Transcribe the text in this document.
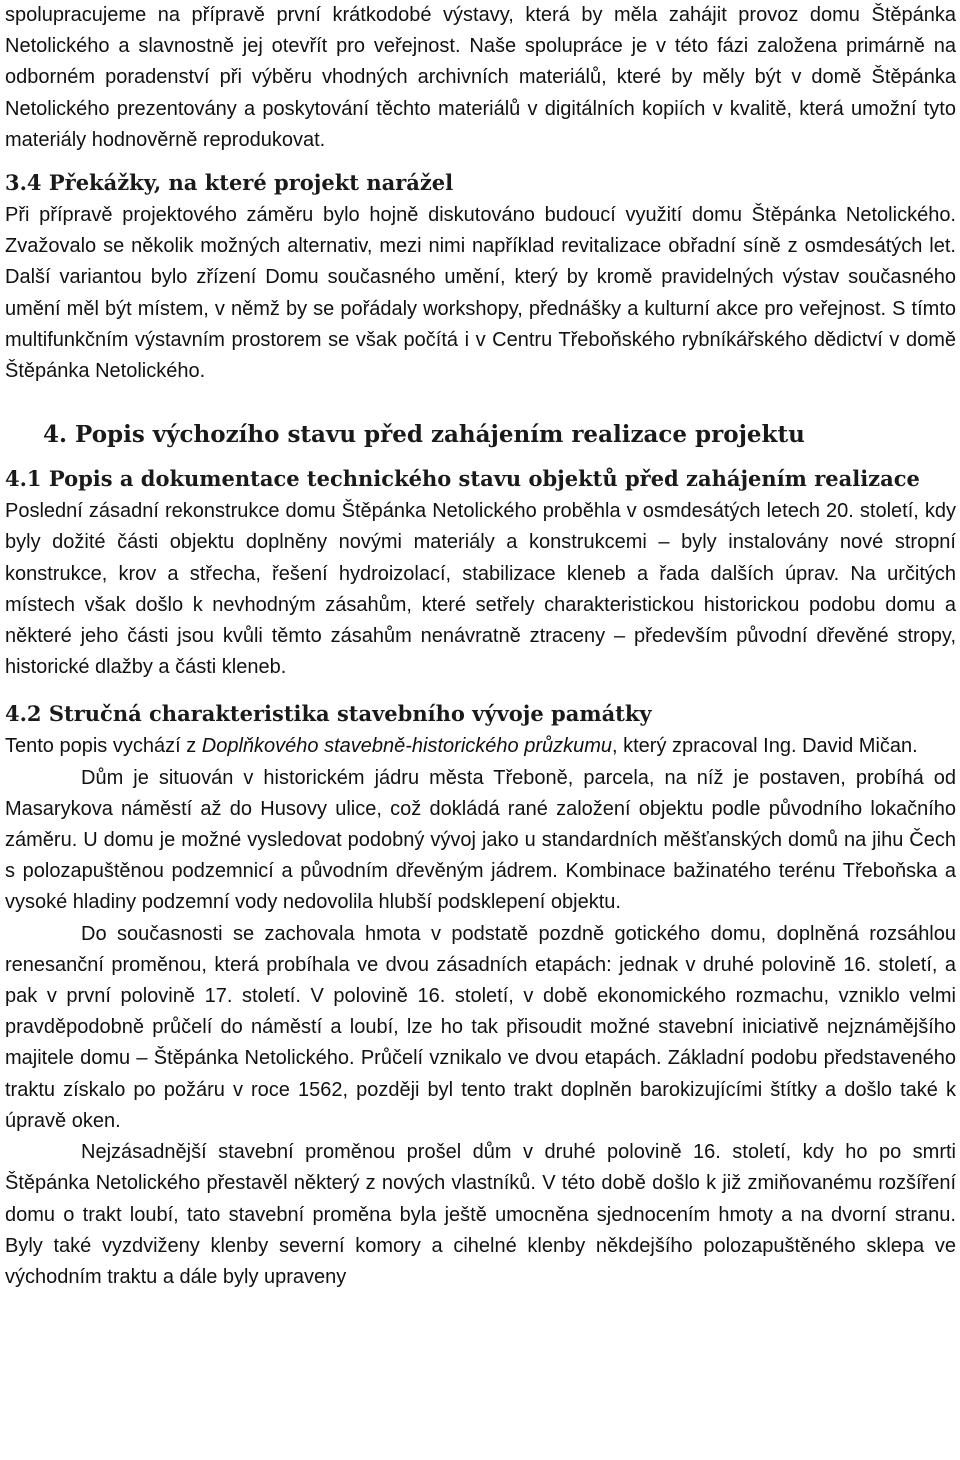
spolupracujeme na přípravě první krátkodobé výstavy, která by měla zahájit provoz domu Štěpánka Netolického a slavnostně jej otevřít pro veřejnost. Naše spolupráce je v této fázi založena primárně na odborném poradenství při výběru vhodných archivních materiálů, které by měly být v domě Štěpánka Netolického prezentovány a poskytování těchto materiálů v digitálních kopiích v kvalitě, která umožní tyto materiály hodnověrně reprodukovat.

3.4 Překážky, na které projekt narážel

Při přípravě projektového záměru bylo hojně diskutováno budoucí využití domu Štěpánka Netolického. Zvažovalo se několik možných alternativ, mezi nimi například revitalizace obřadní síně z osmdesátých let. Další variantou bylo zřízení Domu současného umění, který by kromě pravidelných výstav současného umění měl být místem, v němž by se pořádaly workshopy, přednášky a kulturní akce pro veřejnost. S tímto multifunkčním výstavním prostorem se však počítá i v Centru Třeboňského rybníkářského dědictví v domě Štěpánka Netolického.

4. Popis výchozího stavu před zahájením realizace projektu
4.1 Popis a dokumentace technického stavu objektů před zahájením realizace

Poslední zásadní rekonstrukce domu Štěpánka Netolického proběhla v osmdesátých letech 20. století, kdy byly dožité části objektu doplněny novými materiály a konstrukcemi – byly instalovány nové stropní konstrukce, krov a střecha, řešení hydroizolací, stabilizace kleneb a řada dalších úprav. Na určitých místech však došlo k nevhodným zásahům, které setřely charakteristickou historickou podobu domu a některé jeho části jsou kvůli těmto zásahům nenávratně ztraceny – především původní dřevěné stropy, historické dlažby a části kleneb.

4.2 Stručná charakteristika stavebního vývoje památky

Tento popis vychází z Doplňkového stavebně-historického průzkumu, který zpracoval Ing. David Mičan.

Dům je situován v historickém jádru města Třeboně, parcela, na níž je postaven, probíhá od Masarykova náměstí až do Husovy ulice, což dokládá rané založení objektu podle původního lokačního záměru. U domu je možné vysledovat podobný vývoj jako u standardních měšťanských domů na jihu Čech s polozapuštěnou podzemnicí a původním dřevěným jádrem. Kombinace bažinatého terénu Třeboňska a vysoké hladiny podzemní vody nedovolila hlubší podsklepení objektu.

Do současnosti se zachovala hmota v podstatě pozdně gotického domu, doplněná rozsáhlou renesanční proměnou, která probíhala ve dvou zásadních etapách: jednak v druhé polovině 16. století, a pak v první polovině 17. století. V polovině 16. století, v době ekonomického rozmachu, vzniklo velmi pravděpodobně průčelí do náměstí a loubí, lze ho tak přisoudit možné stavební iniciativě nejznámějšího majitele domu – Štěpánka Netolického. Průčelí vznikalo ve dvou etapách. Základní podobu představeného traktu získalo po požáru v roce 1562, později byl tento trakt doplněn barokizujícími štítky a došlo také k úpravě oken.

Nejzásadnější stavební proměnou prošel dům v druhé polovině 16. století, kdy ho po smrti Štěpánka Netolického přestavěl některý z nových vlastníků. V této době došlo k již zmiňovanému rozšíření domu o trakt loubí, tato stavební proměna byla ještě umocněna sjednocením hmoty a na dvorní stranu. Byly také vyzdviženy klenby severní komory a cihelné klenby někdejšího polozapuštěného sklepa ve východním traktu a dále byly upraveny
